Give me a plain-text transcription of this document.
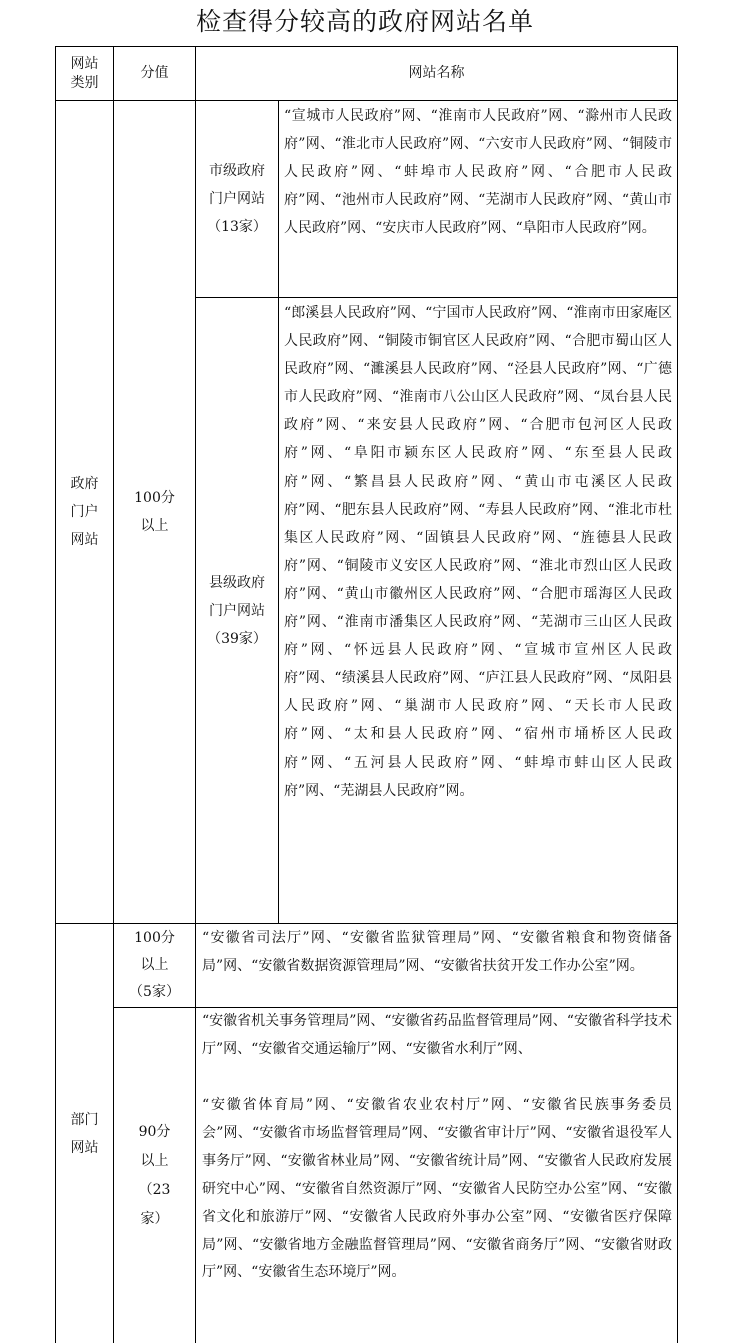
检查得分较高的政府网站名单
网站
类别
分值	网站名称
政府
门户
网站
100分
以上
市级政府
门户网站
（13家）
“宣城市人民政府”网、“淮南市人民政府”网、“滁州市人民政府”网、“淮北市人民政府”网、“六安市人民政府”网、“铜陵市人民政府”网、“蚌埠市人民政府”网、“合肥市人民政府”网、“池州市人民政府”网、“芜湖市人民政府”网、“黄山市人民政府”网、“安庆市人民政府”网、“阜阳市人民政府”网。
县级政府
门户网站
（39家）
“郎溪县人民政府”网、“宁国市人民政府”网、“淮南市田家庵区人民政府”网、“铜陵市铜官区人民政府”网、“合肥市蜀山区人民政府”网、“濉溪县人民政府”网、“泾县人民政府”网、“广德市人民政府”网、“淮南市八公山区人民政府”网、“凤台县人民政府”网、“来安县人民政府”网、“合肥市包河区人民政府”网、“阜阳市颍东区人民政府”网、“东至县人民政府”网、“繁昌县人民政府”网、“黄山市屯溪区人民政府”网、“肥东县人民政府”网、“寿县人民政府”网、“淮北市杜集区人民政府”网、“固镇县人民政府”网、“旌德县人民政府”网、“铜陵市义安区人民政府”网、“淮北市烈山区人民政府”网、“黄山市徽州区人民政府”网、“合肥市瑶海区人民政府”网、“淮南市潘集区人民政府”网、“芜湖市三山区人民政府”网、“怀远县人民政府”网、“宣城市宣州区人民政府”网、“绩溪县人民政府”网、“庐江县人民政府”网、“凤阳县人民政府”网、“巢湖市人民政府”网、“天长市人民政府”网、“太和县人民政府”网、“宿州市埇桥区人民政府”网、“五河县人民政府”网、“蚌埠市蚌山区人民政府”网、“芜湖县人民政府”网。
部门
网站
100分
以上
（5家）
“安徽省司法厅”网、“安徽省监狱管理局”网、“安徽省粮食和物资储备局”网、“安徽省数据资源管理局”网、“安徽省扶贫开发工作办公室”网。
90分
以上
（23
家）
“安徽省机关事务管理局”网、“安徽省药品监督管理局”网、“安徽省科学技术厅”网、“安徽省交通运输厅”网、“安徽省水利厅”网、
“安徽省体育局”网、“安徽省农业农村厅”网、“安徽省民族事务委员会”网、“安徽省市场监督管理局”网、“安徽省审计厅”网、“安徽省退役军人事务厅”网、“安徽省林业局”网、“安徽省统计局”网、“安徽省人民政府发展研究中心”网、“安徽省自然资源厅”网、“安徽省人民防空办公室”网、“安徽省文化和旅游厅”网、“安徽省人民政府外事办公室”网、“安徽省医疗保障局”网、“安徽省地方金融监督管理局”网、“安徽省商务厅”网、“安徽省财政厅”网、“安徽省生态环境厅”网。
